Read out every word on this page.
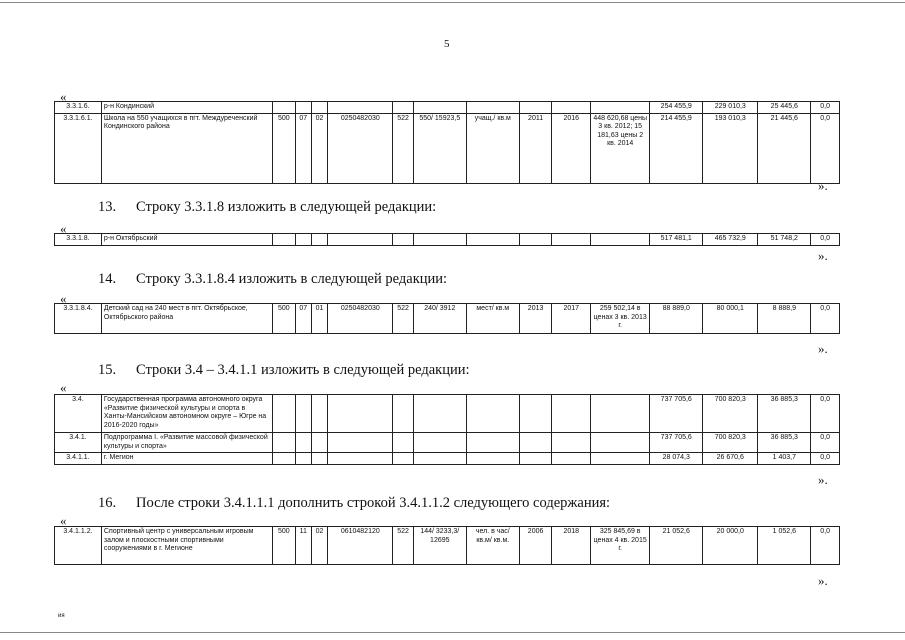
5
«
3.3.1.6.	р-н Кондинский											254 455,9	229 010,3	25 445,6	0,0
3.3.1.6.1.	Школа на 550 учащихся в пгт. Междуреченский Кондинского района	500	07	02	0250482030	522	550/ 15923,5	учащ./ кв.м	2011	2016	448 620,68 цены 3 кв. 2012; 15 181,63 цены 2 кв. 2014	214 455,9	193 010,3	21 445,6	0,0
».
13. Строку 3.3.1.8 изложить в следующей редакции:
«
3.3.1.8.	р-н Октябрьский											517 481,1	465 732,9	51 748,2	0,0
».
14. Строку 3.3.1.8.4 изложить в следующей редакции:
«
3.3.1.8.4.	Детский сад на 240 мест в пгт. Октябрьское, Октябрьского района	500	07	01	0250482030	522	240/ 3912	мест/ кв.м	2013	2017	259 502,14 в ценах 3 кв. 2013 г.	88 889,0	80 000,1	8 888,9	0,0
».
15. Строки 3.4 – 3.4.1.1 изложить в следующей редакции:
«
3.4.	Государственная программа автономного округа «Развитие физической культуры и спорта в Ханты-Мансийском автономном округе – Югре на 2016-2020 годы»											737 705,6	700 820,3	36 885,3	0,0
3.4.1.	Подпрограмма I. «Развитие массовой физической культуры и спорта»											737 705,6	700 820,3	36 885,3	0,0
3.4.1.1.	г. Мегион											28 074,3	26 670,6	1 403,7	0,0
».
16. После строки 3.4.1.1.1 дополнить строкой 3.4.1.1.2 следующего содержания:
«
3.4.1.1.2.	Спортивный центр с универсальным игровым залом и плоскостными спортивными сооружениями в г. Мегионе	500	11	02	0610482120	522	144/ 3233,3/ 12695	чел. в час/ кв.м/ кв.м.	2006	2018	325 845,69 в ценах 4 кв. 2015 г.	21 052,6	20 000,0	1 052,6	0,0
».
ия
